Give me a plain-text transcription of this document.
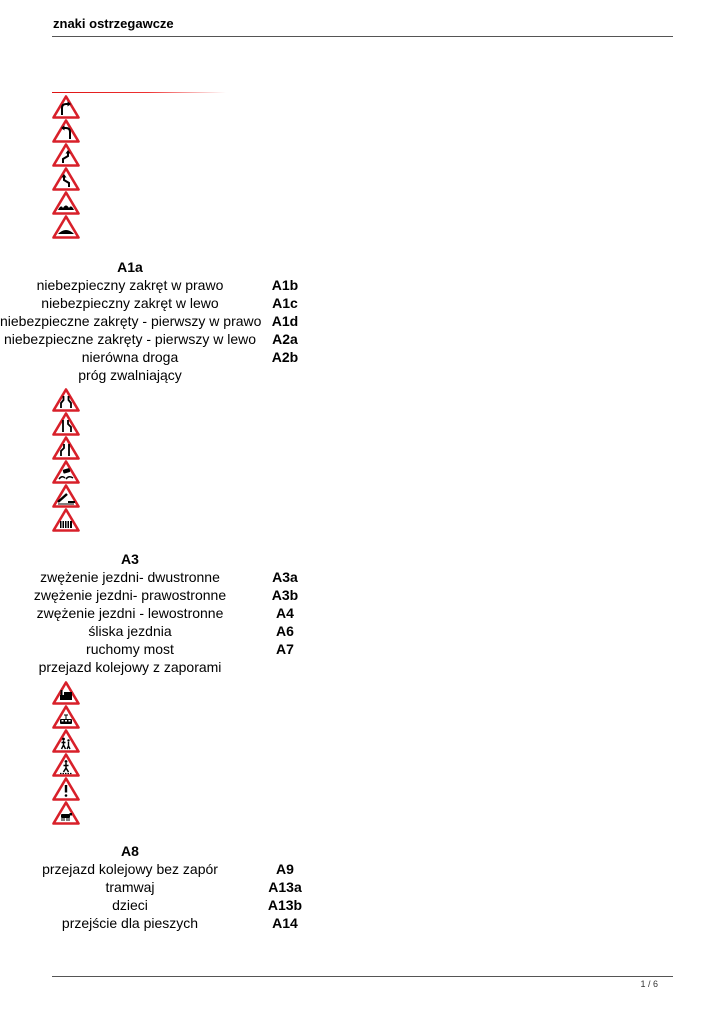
znaki ostrzegawcze
A1a
niebezpieczny zakręt w prawo
niebezpieczny zakręt w lewo
niebezpieczne zakręty - pierwszy w prawo
niebezpieczne zakręty - pierwszy w lewo
nierówna droga
próg zwalniający
A1b
A1c
A1d
A2a
A2b
A3
zwężenie jezdni- dwustronne
zwężenie jezdni- prawostronne
zwężenie jezdni - lewostronne
śliska jezdnia
ruchomy most
przejazd kolejowy z zaporami
A3a
A3b
A4
A6
A7
A8
przejazd kolejowy bez zapór
tramwaj
dzieci
przejście dla pieszych
A9
A13a
A13b
A14
1 / 6
